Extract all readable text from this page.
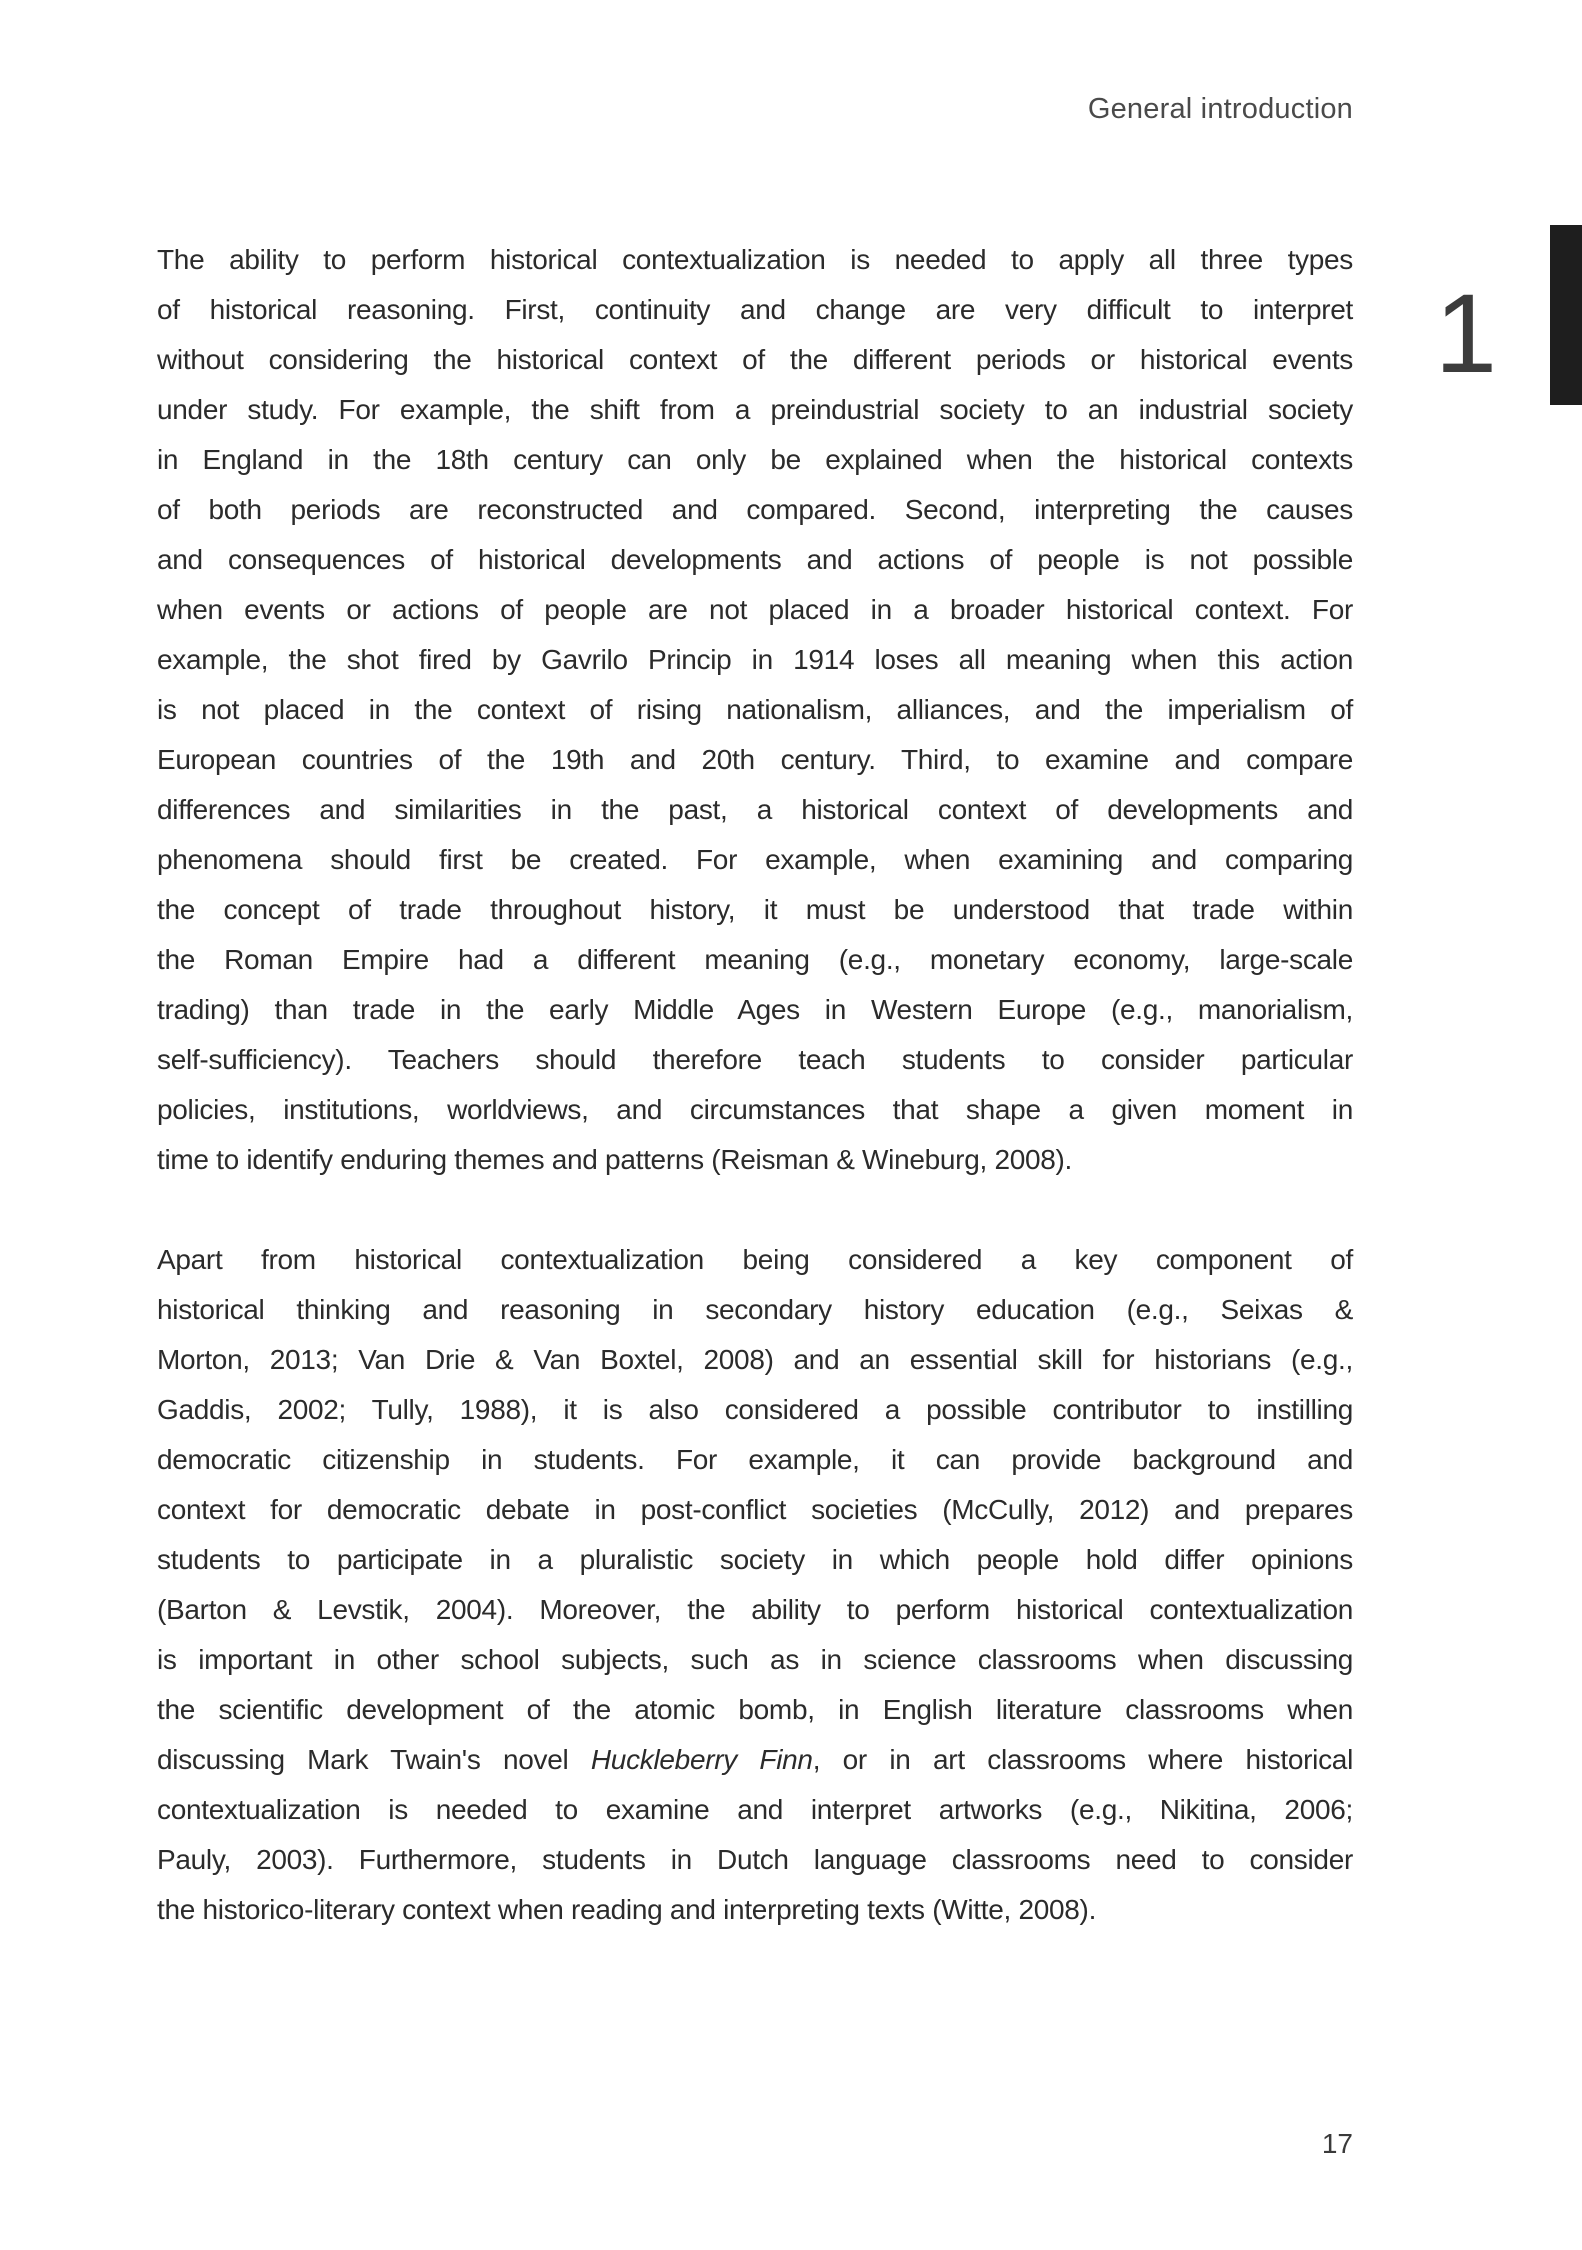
General introduction
1
The ability to perform historical contextualization is needed to apply all three types
of historical reasoning. First, continuity and change are very difficult to interpret
without considering the historical context of the different periods or historical events
under study. For example, the shift from a preindustrial society to an industrial society
in England in the 18th century can only be explained when the historical contexts
of both periods are reconstructed and compared. Second, interpreting the causes
and consequences of historical developments and actions of people is not possible
when events or actions of people are not placed in a broader historical context. For
example, the shot fired by Gavrilo Princip in 1914 loses all meaning when this action
is not placed in the context of rising nationalism, alliances, and the imperialism of
European countries of the 19th and 20th century. Third, to examine and compare
differences and similarities in the past, a historical context of developments and
phenomena should first be created. For example, when examining and comparing
the concept of trade throughout history, it must be understood that trade within
the Roman Empire had a different meaning (e.g., monetary economy, large-scale
trading) than trade in the early Middle Ages in Western Europe (e.g., manorialism,
self-sufficiency). Teachers should therefore teach students to consider particular
policies, institutions, worldviews, and circumstances that shape a given moment in
time to identify enduring themes and patterns (Reisman & Wineburg, 2008).
Apart from historical contextualization being considered a key component of
historical thinking and reasoning in secondary history education (e.g., Seixas &
Morton, 2013; Van Drie & Van Boxtel, 2008) and an essential skill for historians (e.g.,
Gaddis, 2002; Tully, 1988), it is also considered a possible contributor to instilling
democratic citizenship in students. For example, it can provide background and
context for democratic debate in post-conflict societies (McCully, 2012) and prepares
students to participate in a pluralistic society in which people hold differ opinions
(Barton & Levstik, 2004). Moreover, the ability to perform historical contextualization
is important in other school subjects, such as in science classrooms when discussing
the scientific development of the atomic bomb, in English literature classrooms when
discussing Mark Twain's novel Huckleberry Finn, or in art classrooms where historical
contextualization is needed to examine and interpret artworks (e.g., Nikitina, 2006;
Pauly, 2003). Furthermore, students in Dutch language classrooms need to consider
the historico-literary context when reading and interpreting texts (Witte, 2008).
17
